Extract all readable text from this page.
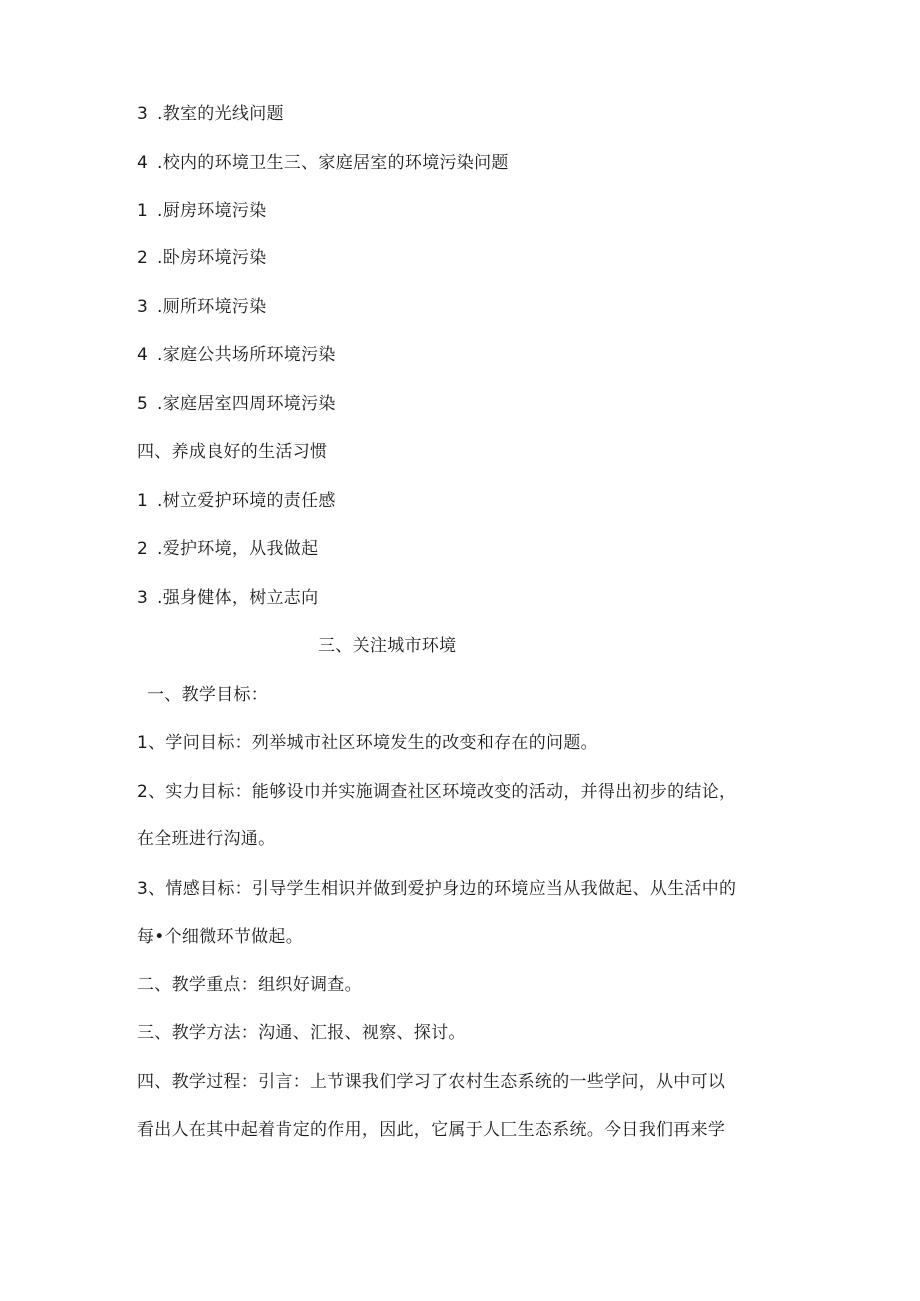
3 .教室的光线问题
4 .校内的环境卫生三、家庭居室的环境污染问题
1 .厨房环境污染
2 .卧房环境污染
3 .厕所环境污染
4 .家庭公共场所环境污染
5 .家庭居室四周环境污染
四、养成良好的生活习惯
1 .树立爱护环境的责任感
2 .爱护环境，从我做起
3 .强身健体，树立志向
三、关注城市环境
一、教学目标：
1、学问目标：列举城市社区环境发生的改变和存在的问题。
2、实力目标：能够设巾并实施调查社区环境改变的活动，并得出初步的结论，
在全班进行沟通。
3、情感目标：引导学生相识并做到爱护身边的环境应当从我做起、从生活中的
每•个细微环节做起。
二、教学重点：组织好调查。
三、教学方法：沟通、汇报、视察、探讨。
四、教学过程：引言：上节课我们学习了农村生态系统的一些学问，从中可以
看出人在其中起着肯定的作用，因此，它属于人匚生态系统。今日我们再来学
